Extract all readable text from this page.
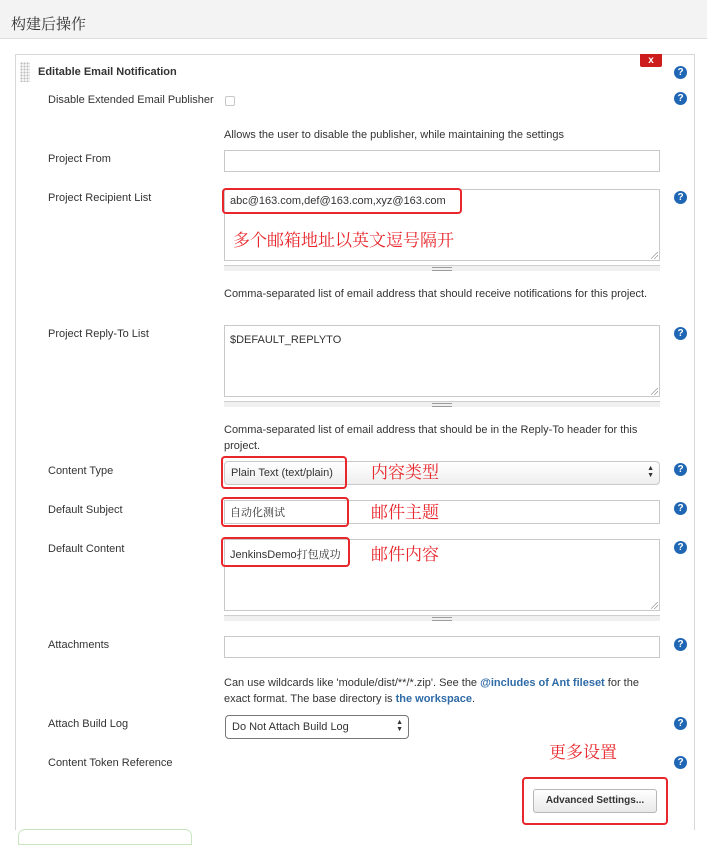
构建后操作
Editable Email Notification
x
?
?
?
?
?
?
?
?
?
?
Disable Extended Email Publisher
Allows the user to disable the publisher, while maintaining the settings
Project From
Project Recipient List	abc@163.com,def@163.com,xyz@163.com
Comma-separated list of email address that should receive notifications for this project.
Project Reply-To List	$DEFAULT_REPLYTO
Comma-separated list of email address that should be in the Reply-To header for this project.
Content Type	Plain Text (text/plain)	▲
▼
Default Subject	自动化测试
Default Content	JenkinsDemo打包成功
Attachments
Can use wildcards like 'module/dist/**/*.zip'. See the @includes of Ant fileset for the exact format. The base directory is the workspace.
Attach Build Log	Do Not Attach Build Log	▲
▼
Content Token Reference
Advanced Settings...
多个邮箱地址以英文逗号隔开
内容类型
邮件主题
邮件内容
更多设置
